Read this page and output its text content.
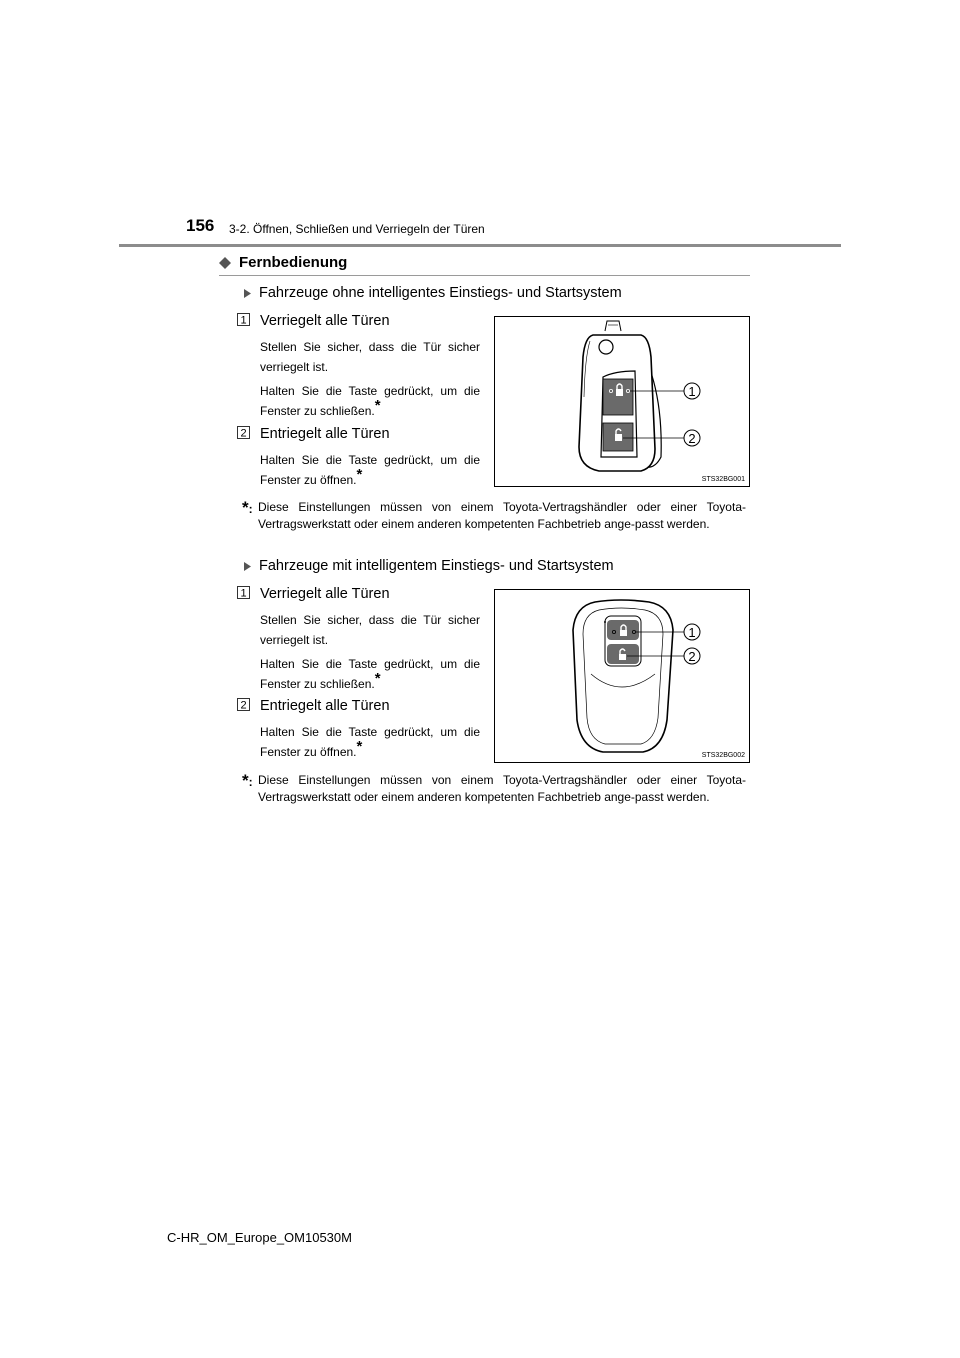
156 3-2. Öffnen, Schließen und Verriegeln der Türen
Fernbedienung
Fahrzeuge ohne intelligentes Einstiegs- und Startsystem
1 Verriegelt alle Türen
Stellen Sie sicher, dass die Tür sicher verriegelt ist.
Halten Sie die Taste gedrückt, um die Fenster zu schließen.*
2 Entriegelt alle Türen
Halten Sie die Taste gedrückt, um die Fenster zu öffnen.*
1
2
STS32BG001
*: Diese Einstellungen müssen von einem Toyota-Vertragshändler oder einer Toyota-Vertragswerkstatt oder einem anderen kompetenten Fachbetrieb ange-passt werden.
Fahrzeuge mit intelligentem Einstiegs- und Startsystem
1 Verriegelt alle Türen
Stellen Sie sicher, dass die Tür sicher verriegelt ist.
Halten Sie die Taste gedrückt, um die Fenster zu schließen.*
2 Entriegelt alle Türen
Halten Sie die Taste gedrückt, um die Fenster zu öffnen.*
1
2
STS32BG002
*: Diese Einstellungen müssen von einem Toyota-Vertragshändler oder einer Toyota-Vertragswerkstatt oder einem anderen kompetenten Fachbetrieb ange-passt werden.
C-HR_OM_Europe_OM10530M
